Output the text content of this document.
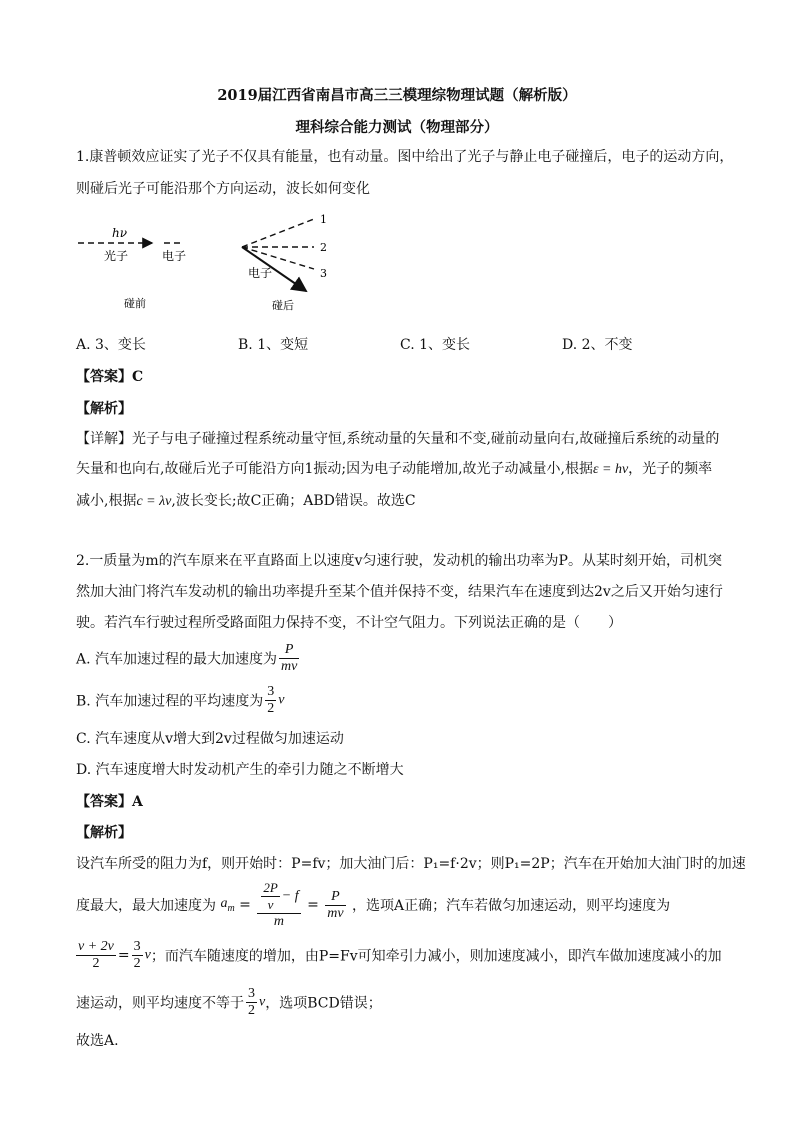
2019届江西省南昌市高三三模理综物理试题（解析版）
理科综合能力测试（物理部分）
1.康普顿效应证实了光子不仅具有能量，也有动量。图中给出了光子与静止电子碰撞后，电子的运动方向，
则碰后光子可能沿那个方向运动，波长如何变化
hν
光子	电子
碰前
1
2
3
电子
碰后
A. 3、变长	B. 1、变短	C. 1、变长	D. 2、不变
【答案】C
【解析】
【详解】光子与电子碰撞过程系统动量守恒,系统动量的矢量和不变,碰前动量向右,故碰撞后系统的动量的
矢量和也向右,故碰后光子可能沿方向1振动;因为电子动能增加,故光子动减量小,根据ε = hν，光子的频率
减小,根据c = λν,波长变长;故C正确；ABD错误。故选C
2.一质量为m的汽车原来在平直路面上以速度v匀速行驶，发动机的输出功率为P。从某时刻开始，司机突
然加大油门将汽车发动机的输出功率提升至某个值并保持不变，结果汽车在速度到达2v之后又开始匀速行
驶。若汽车行驶过程所受路面阻力保持不变，不计空气阻力。下列说法正确的是（　　）
A. 汽车加速过程的最大加速度为 $\frac{P}{mv}$
B. 汽车加速过程的平均速度为 $\frac{3}{2}$ v
C. 汽车速度从v增大到2v过程做匀加速运动
D. 汽车速度增大时发动机产生的牵引力随之不断增大
【答案】A
【解析】
设汽车所受的阻力为f，则开始时：P=fv；加大油门后：P₁=f·2v；则P₁=2P；汽车在开始加大油门时的加速
度最大，最大加速度为 $a_m = \frac{\frac{2P}{v} - f}{m} = \frac{P}{mv}$ ，选项A正确；汽车若做匀加速运动，则平均速度为
$\frac{v + 2v}{2} = \frac{3}{2}$ v；而汽车随速度的增加，由P=Fv可知牵引力减小，则加速度减小，即汽车做加速度减小的加
速运动，则平均速度不等于 $\frac{3}{2}$ v，选项BCD错误；
故选A.
